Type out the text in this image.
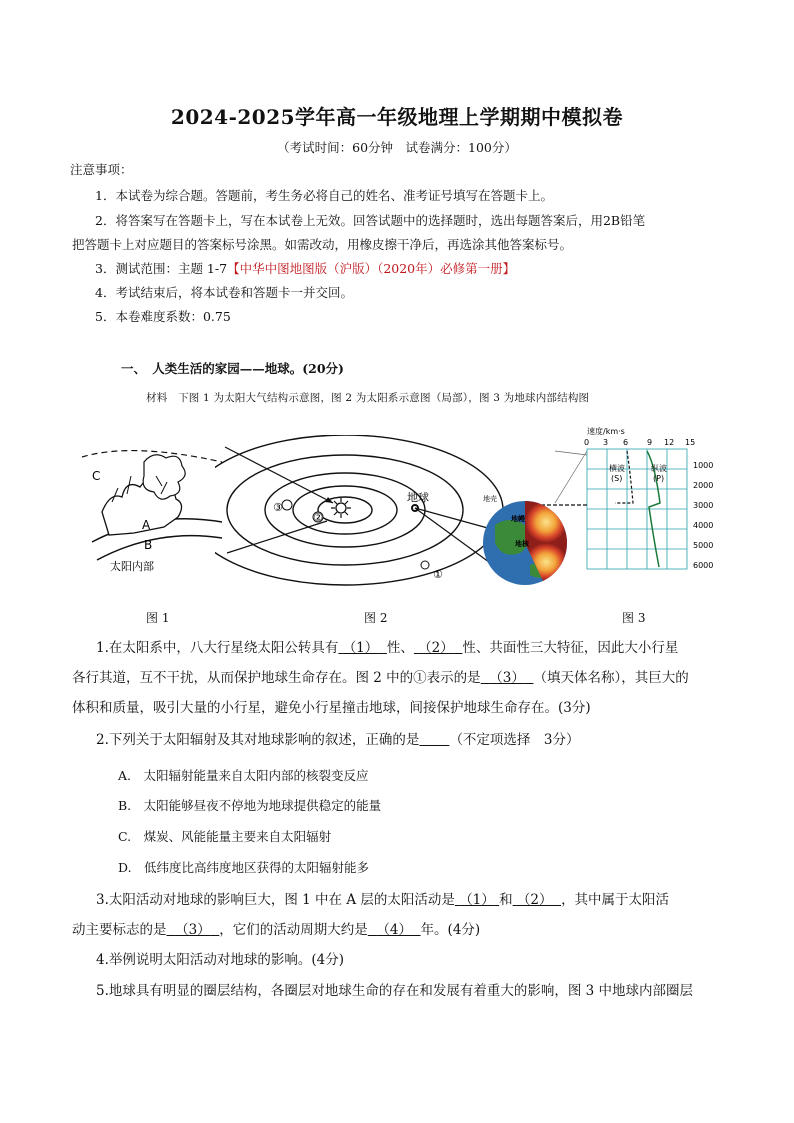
2024-2025学年高一年级地理上学期期中模拟卷
（考试时间：60分钟　试卷满分：100分）
注意事项：
1．本试卷为综合题。答题前，考生务必将自己的姓名、准考证号填写在答题卡上。
2．将答案写在答题卡上，写在本试卷上无效。回答试题中的选择题时，选出每题答案后，用2B铅笔
把答题卡上对应题目的答案标号涂黑。如需改动，用橡皮擦干净后，再选涂其他答案标号。
3．测试范围：主题 1-7【中华中图地图版（沪版）（2020年）必修第一册】
4．考试结束后，将本试卷和答题卡一并交回。
5．本卷难度系数：0.75
一、　人类生活的家园——地球。(20分)
材料　下图 1 为太阳大气结构示意图，图 2 为太阳系示意图（局部），图 3 为地球内部结构图
C
A
B
太阳内部
②
③
①
地球
速度/km·s
0 3 6 9 12 15
1000
2000
3000
4000
5000
6000
横波
(S)
纵波
(P)
地壳
地幔
地核
图 1	图 2	图 3
1.在太阳系中，八大行星绕太阳公转具有 （1） 性、 （2） 性、共面性三大特征，因此大小行星
各行其道，互不干扰，从而保护地球生命存在。图 2 中的①表示的是 （3） （填天体名称），其巨大的
体积和质量，吸引大量的小行星，避免小行星撞击地球，间接保护地球生命存在。(3分)
2.下列关于太阳辐射及其对地球影响的叙述，正确的是 （不定项选择　3分）
A.　太阳辐射能量来自太阳内部的核裂变反应
B.　太阳能够昼夜不停地为地球提供稳定的能量
C.　煤炭、风能能量主要来自太阳辐射
D.　低纬度比高纬度地区获得的太阳辐射能多
3.太阳活动对地球的影响巨大，图 1 中在 A 层的太阳活动是 （1） 和 （2） ，其中属于太阳活
动主要标志的是 （3） ，它们的活动周期大约是 （4） 年。(4分)
4.举例说明太阳活动对地球的影响。(4分)
5.地球具有明显的圈层结构，各圈层对地球生命的存在和发展有着重大的影响，图 3 中地球内部圈层
